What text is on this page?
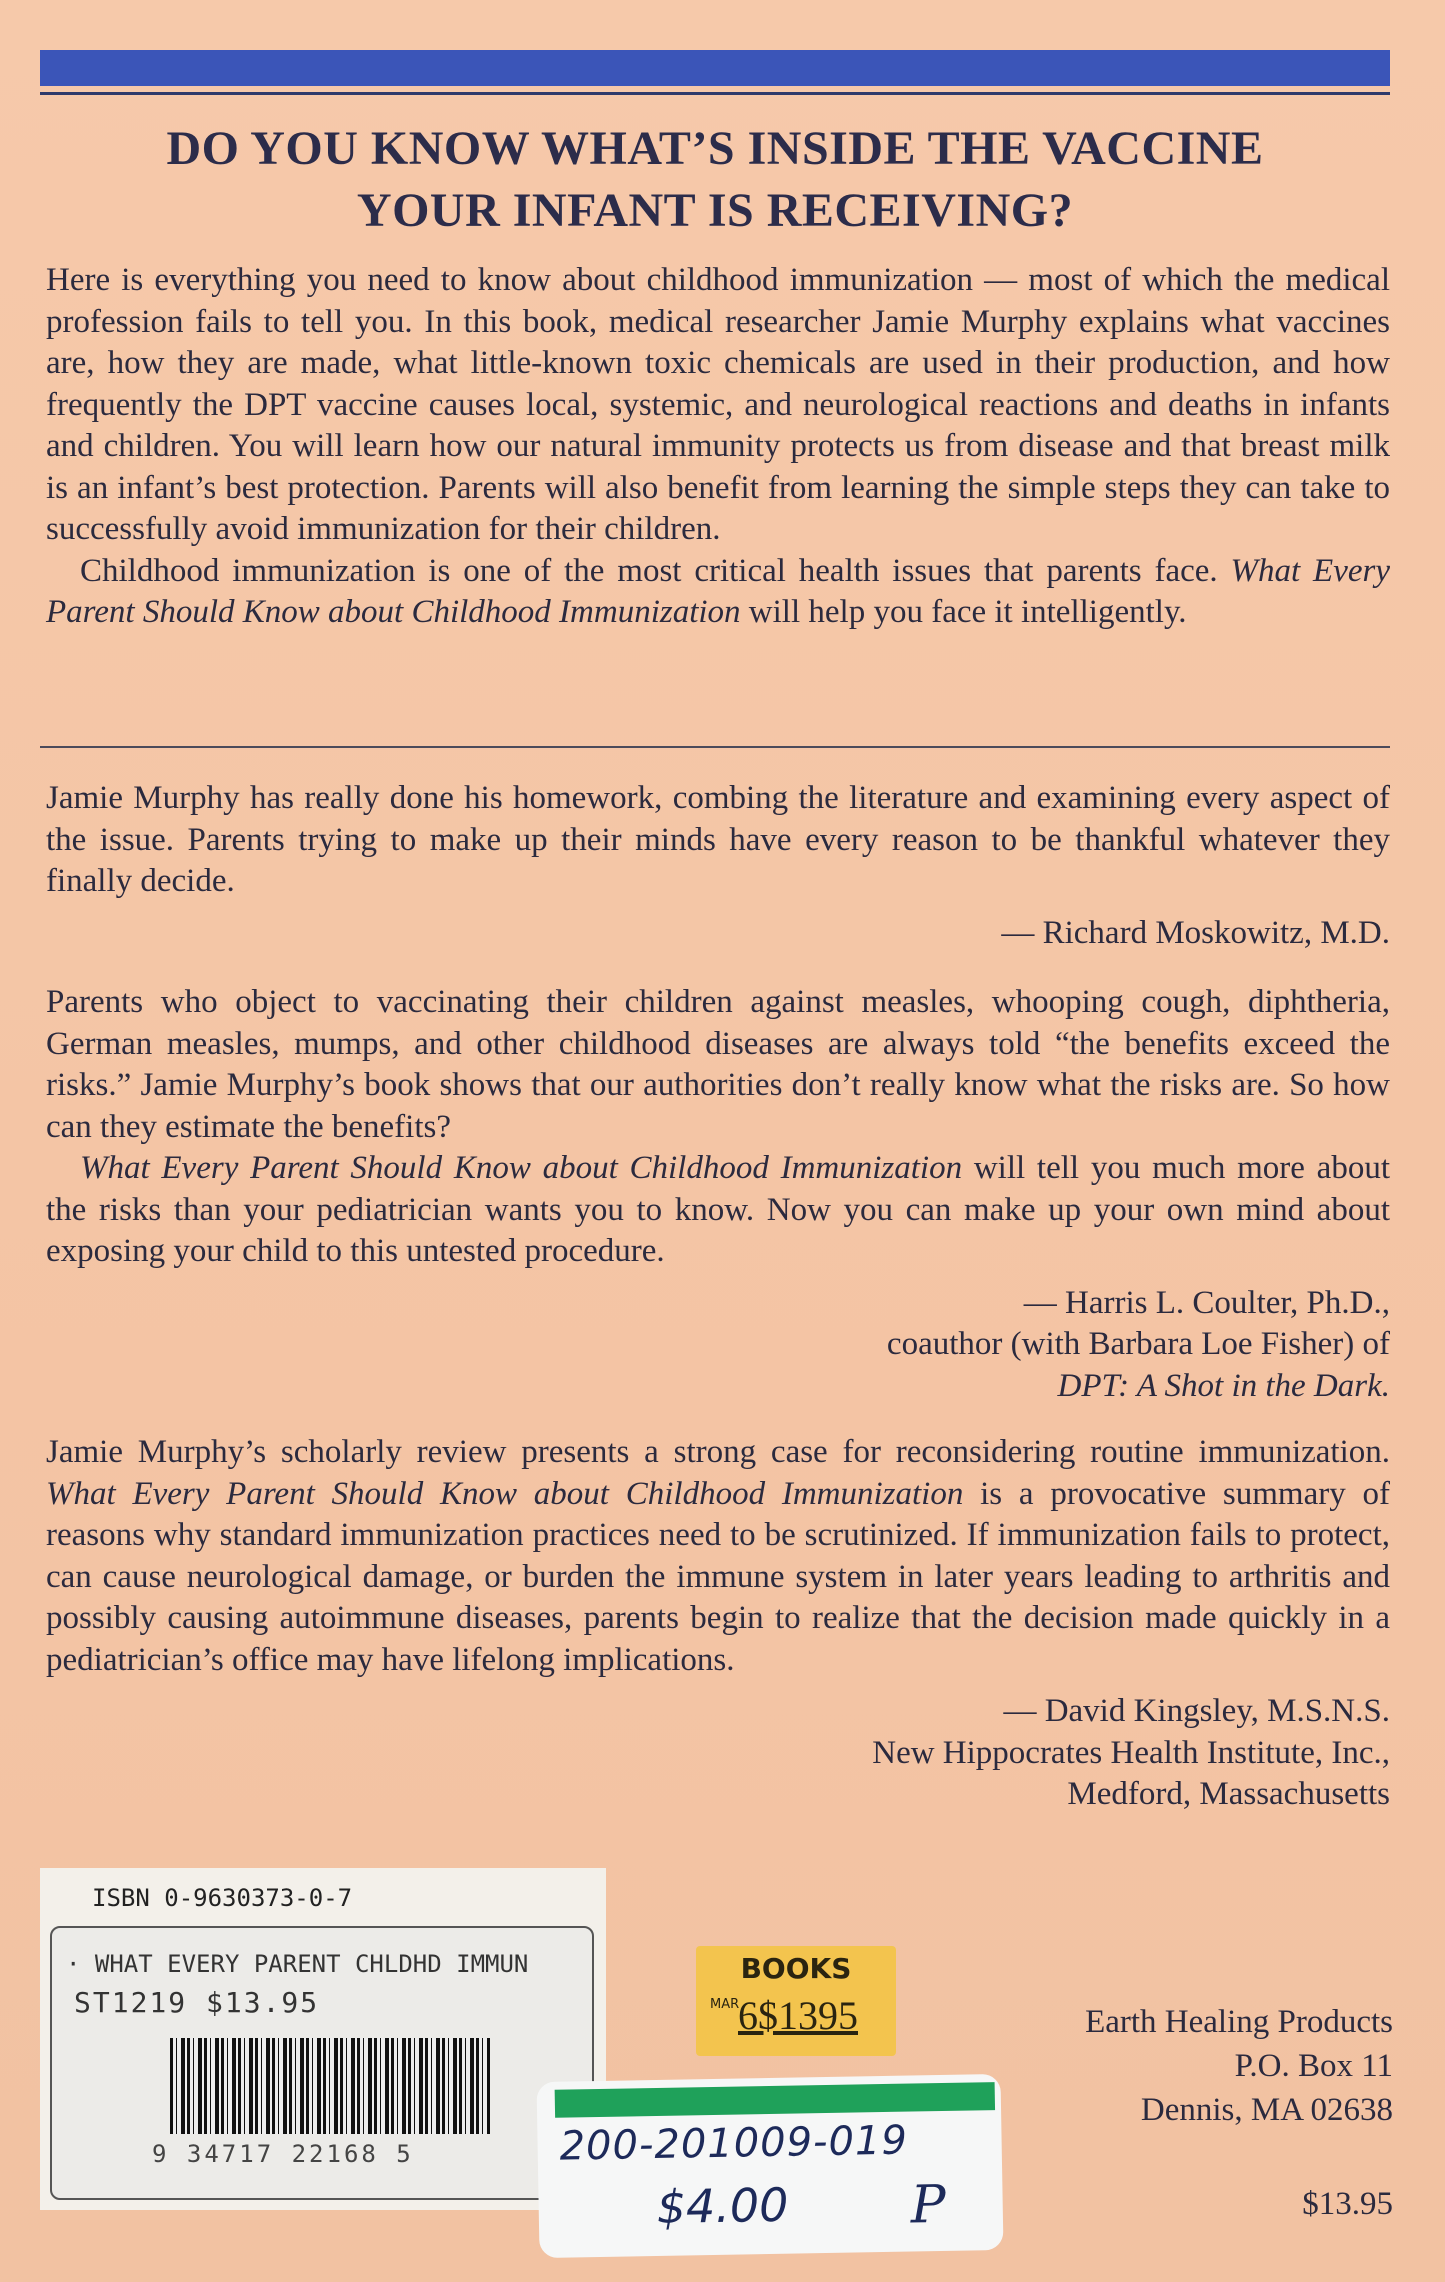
DO YOU KNOW WHAT’S INSIDE THE VACCINE
YOUR INFANT IS RECEIVING?

Here is everything you need to know about childhood immunization — most of which the medical profession fails to tell you. In this book, medical researcher Jamie Murphy explains what vaccines are, how they are made, what little-known toxic chemicals are used in their production, and how frequently the DPT vaccine causes local, systemic, and neurological reactions and deaths in infants and children. You will learn how our natural immunity protects us from disease and that breast milk is an infant’s best protection. Parents will also benefit from learning the simple steps they can take to successfully avoid immunization for their children.

Childhood immunization is one of the most critical health issues that parents face. What Every Parent Should Know about Childhood Immunization will help you face it intelligently.

Jamie Murphy has really done his homework, combing the literature and examining every aspect of the issue. Parents trying to make up their minds have every reason to be thankful whatever they finally decide.

— Richard Moskowitz, M.D.

Parents who object to vaccinating their children against measles, whooping cough, diphtheria, German measles, mumps, and other childhood diseases are always told “the benefits exceed the risks.” Jamie Murphy’s book shows that our authorities don’t really know what the risks are. So how can they estimate the benefits?

What Every Parent Should Know about Childhood Immunization will tell you much more about the risks than your pediatrician wants you to know. Now you can make up your own mind about exposing your child to this untested procedure.

— Harris L. Coulter, Ph.D.,
coauthor (with Barbara Loe Fisher) of
DPT: A Shot in the Dark.

Jamie Murphy’s scholarly review presents a strong case for reconsidering routine immunization. What Every Parent Should Know about Childhood Immunization is a provocative summary of reasons why standard immunization practices need to be scrutinized. If immunization fails to protect, can cause neurological damage, or burden the immune system in later years leading to arthritis and possibly causing autoimmune diseases, parents begin to realize that the decision made quickly in a pediatrician’s office may have lifelong implications.

— David Kingsley, M.S.N.S.
New Hippocrates Health Institute, Inc.,
Medford, Massachusetts
ISBN 0-9630373-0-7
· WHAT EVERY PARENT CHLDHD IMMUN
ST1219 $13.95
9 34717 22168 5
BOOKS
MAR
6$1395
200-201009-019
$4.00 P
Earth Healing Products
P.O. Box 11
Dennis, MA 02638
$13.95
